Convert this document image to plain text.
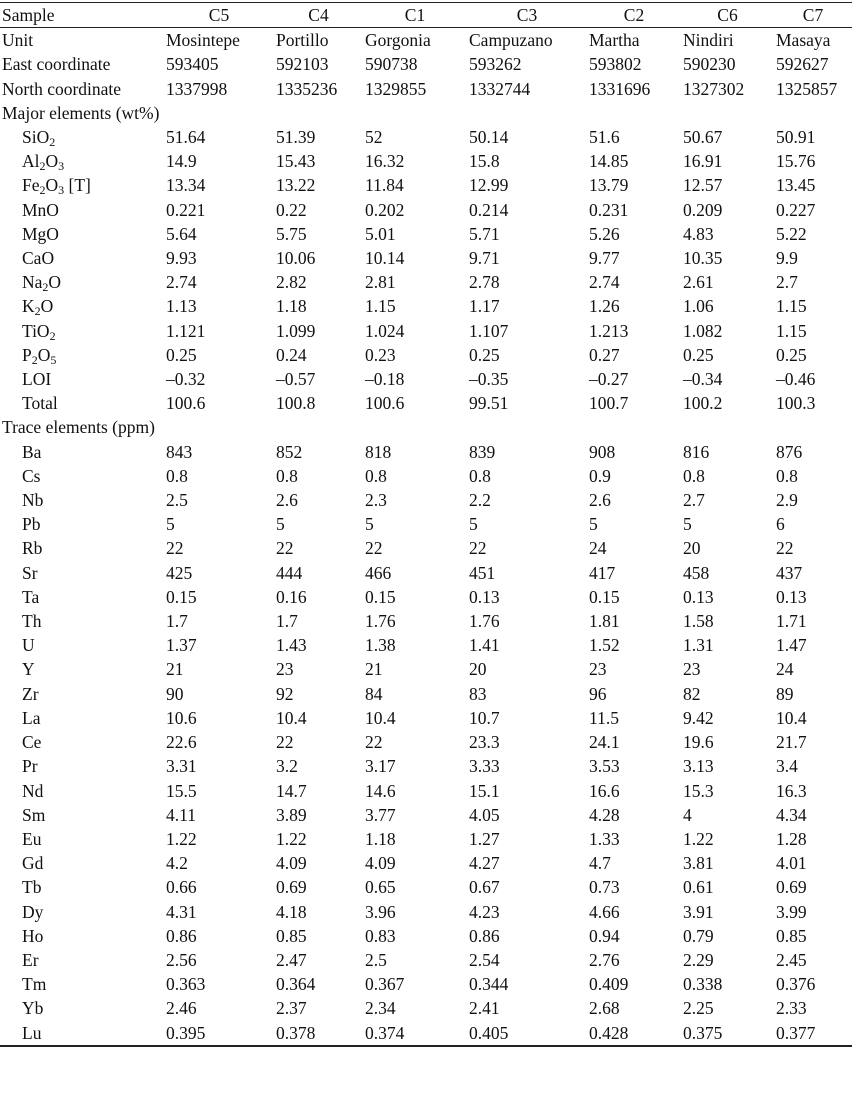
Sample	C5	C4	C1	C3	C2	C6	C7
Unit	Mosintepe	Portillo	Gorgonia	Campuzano	Martha	Nindiri	Masaya
East coordinate	593405	592103	590738	593262	593802	590230	592627
North coordinate	1337998	1335236	1329855	1332744	1331696	1327302	1325857
Major elements (wt%)							
SiO$_2$	51.64	51.39	52	50.14	51.6	50.67	50.91
$Al_2O_3$	14.9	15.43	16.32	15.8	14.85	16.91	15.76
$Fe_2O_3$ [T]	13.34	13.22	11.84	12.99	13.79	12.57	13.45
MnO	0.221	0.22	0.202	0.214	0.231	0.209	0.227
MgO	5.64	5.75	5.01	5.71	5.26	4.83	5.22
CaO	9.93	10.06	10.14	9.71	9.77	10.35	9.9
$Na_2O$	2.74	2.82	2.81	2.78	2.74	2.61	2.7
$K_2O$	1.13	1.18	1.15	1.17	1.26	1.06	1.15
TiO$_2$	1.121	1.099	1.024	1.107	1.213	1.082	1.15
$P_2O_5$	0.25	0.24	0.23	0.25	0.27	0.25	0.25
LOI	–0.32	–0.57	–0.18	–0.35	–0.27	–0.34	–0.46
Total	100.6	100.8	100.6	99.51	100.7	100.2	100.3
Trace elements (ppm)							
Ba	843	852	818	839	908	816	876
Cs	0.8	0.8	0.8	0.8	0.9	0.8	0.8
Nb	2.5	2.6	2.3	2.2	2.6	2.7	2.9
Pb	5	5	5	5	5	5	6
Rb	22	22	22	22	24	20	22
Sr	425	444	466	451	417	458	437
Ta	0.15	0.16	0.15	0.13	0.15	0.13	0.13
Th	1.7	1.7	1.76	1.76	1.81	1.58	1.71
U	1.37	1.43	1.38	1.41	1.52	1.31	1.47
Y	21	23	21	20	23	23	24
Zr	90	92	84	83	96	82	89
La	10.6	10.4	10.4	10.7	11.5	9.42	10.4
Ce	22.6	22	22	23.3	24.1	19.6	21.7
Pr	3.31	3.2	3.17	3.33	3.53	3.13	3.4
Nd	15.5	14.7	14.6	15.1	16.6	15.3	16.3
Sm	4.11	3.89	3.77	4.05	4.28	4	4.34
Eu	1.22	1.22	1.18	1.27	1.33	1.22	1.28
Gd	4.2	4.09	4.09	4.27	4.7	3.81	4.01
Tb	0.66	0.69	0.65	0.67	0.73	0.61	0.69
Dy	4.31	4.18	3.96	4.23	4.66	3.91	3.99
Ho	0.86	0.85	0.83	0.86	0.94	0.79	0.85
Er	2.56	2.47	2.5	2.54	2.76	2.29	2.45
Tm	0.363	0.364	0.367	0.344	0.409	0.338	0.376
Yb	2.46	2.37	2.34	2.41	2.68	2.25	2.33
Lu	0.395	0.378	0.374	0.405	0.428	0.375	0.377
